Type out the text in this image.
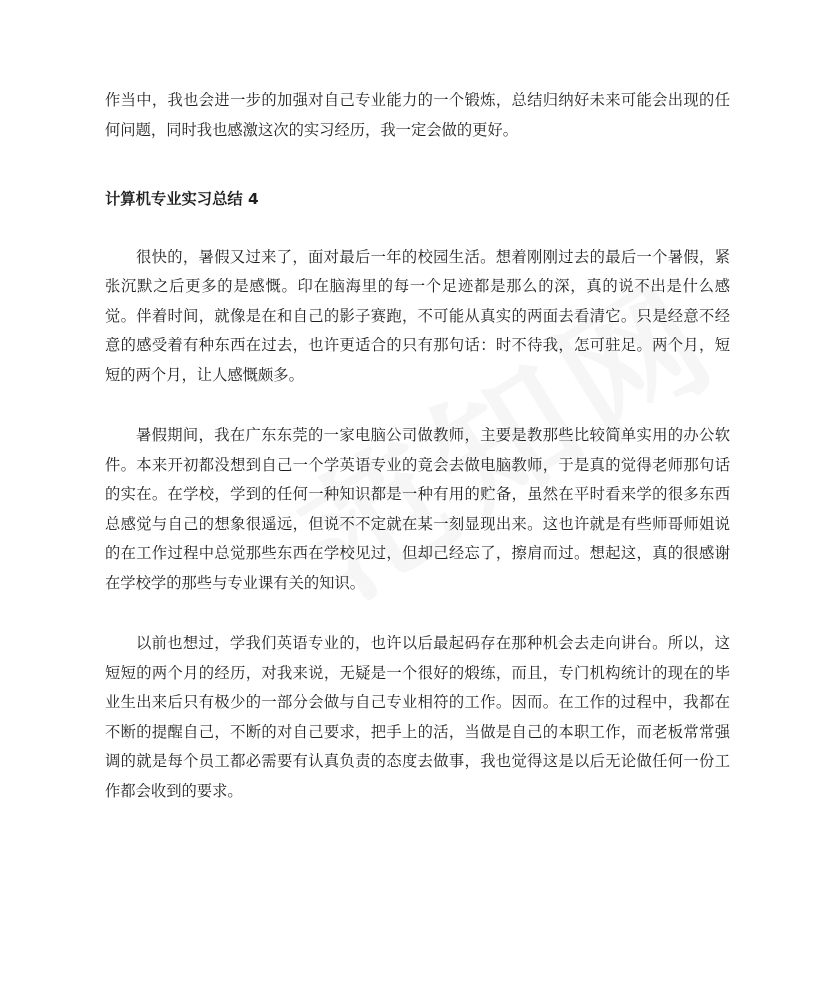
作当中，我也会进一步的加强对自己专业能力的一个锻炼，总结归纳好未来可能会出现的任何问题，同时我也感激这次的实习经历，我一定会做的更好。

计算机专业实习总结 4

很快的，暑假又过来了，面对最后一年的校园生活。想着刚刚过去的最后一个暑假，紧张沉默之后更多的是感慨。印在脑海里的每一个足迹都是那么的深，真的说不出是什么感觉。伴着时间，就像是在和自己的影子赛跑，不可能从真实的两面去看清它。只是经意不经意的感受着有种东西在过去，也许更适合的只有那句话：时不待我，怎可驻足。两个月，短短的两个月，让人感慨颇多。

暑假期间，我在广东东莞的一家电脑公司做教师，主要是教那些比较简单实用的办公软件。本来开初都没想到自己一个学英语专业的竟会去做电脑教师，于是真的觉得老师那句话的实在。在学校，学到的任何一种知识都是一种有用的贮备，虽然在平时看来学的很多东西总感觉与自己的想象很遥远，但说不不定就在某一刻显现出来。这也许就是有些师哥师姐说的在工作过程中总觉那些东西在学校见过，但却己经忘了，擦肩而过。想起这，真的很感谢在学校学的那些与专业课有关的知识。

以前也想过，学我们英语专业的，也许以后最起码存在那种机会去走向讲台。所以，这短短的两个月的经历，对我来说，无疑是一个很好的煅练，而且，专门机构统计的现在的毕业生出来后只有极少的一部分会做与自己专业相符的工作。因而。在工作的过程中，我都在不断的提醒自己，不断的对自己要求，把手上的活，当做是自己的本职工作，而老板常常强调的就是每个员工都必需要有认真负责的态度去做事，我也觉得这是以后无论做任何一份工作都会收到的要求。
